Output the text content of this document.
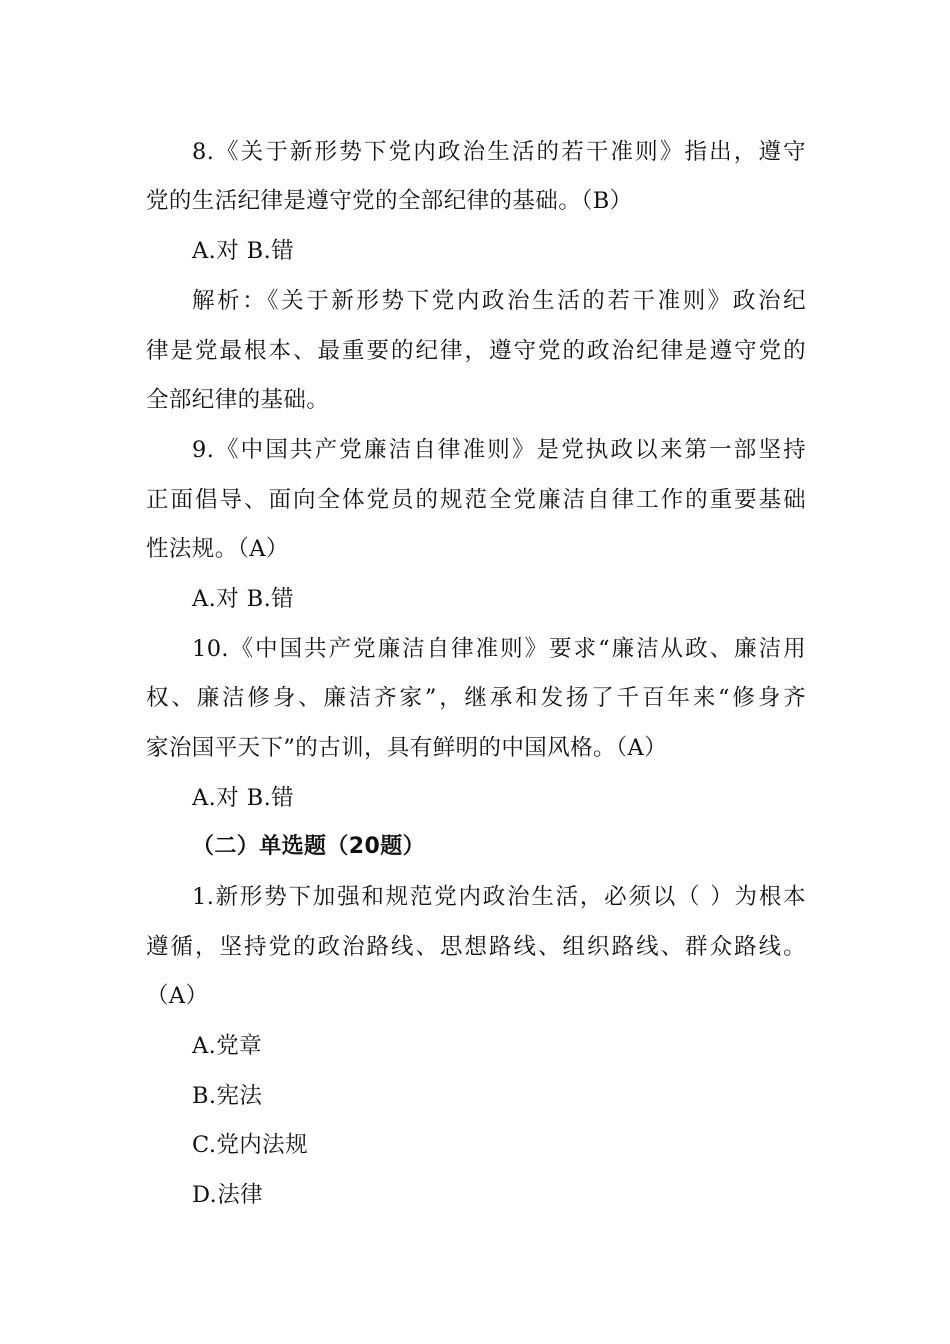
8.《关于新形势下党内政治生活的若干准则》指出，遵守
党的生活纪律是遵守党的全部纪律的基础。（B）
A.对 B.错
解析：《关于新形势下党内政治生活的若干准则》政治纪
律是党最根本、最重要的纪律，遵守党的政治纪律是遵守党的
全部纪律的基础。
9.《中国共产党廉洁自律准则》是党执政以来第一部坚持
正面倡导、面向全体党员的规范全党廉洁自律工作的重要基础
性法规。（A）
A.对 B.错
10.《中国共产党廉洁自律准则》要求“廉洁从政、廉洁用
权、廉洁修身、廉洁齐家”，继承和发扬了千百年来“修身齐
家治国平天下”的古训，具有鲜明的中国风格。（A）
A.对 B.错
（二）单选题（20题）
1.新形势下加强和规范党内政治生活，必须以（ ）为根本
遵循，坚持党的政治路线、思想路线、组织路线、群众路线。
（A）
A.党章
B.宪法
C.党内法规
D.法律
